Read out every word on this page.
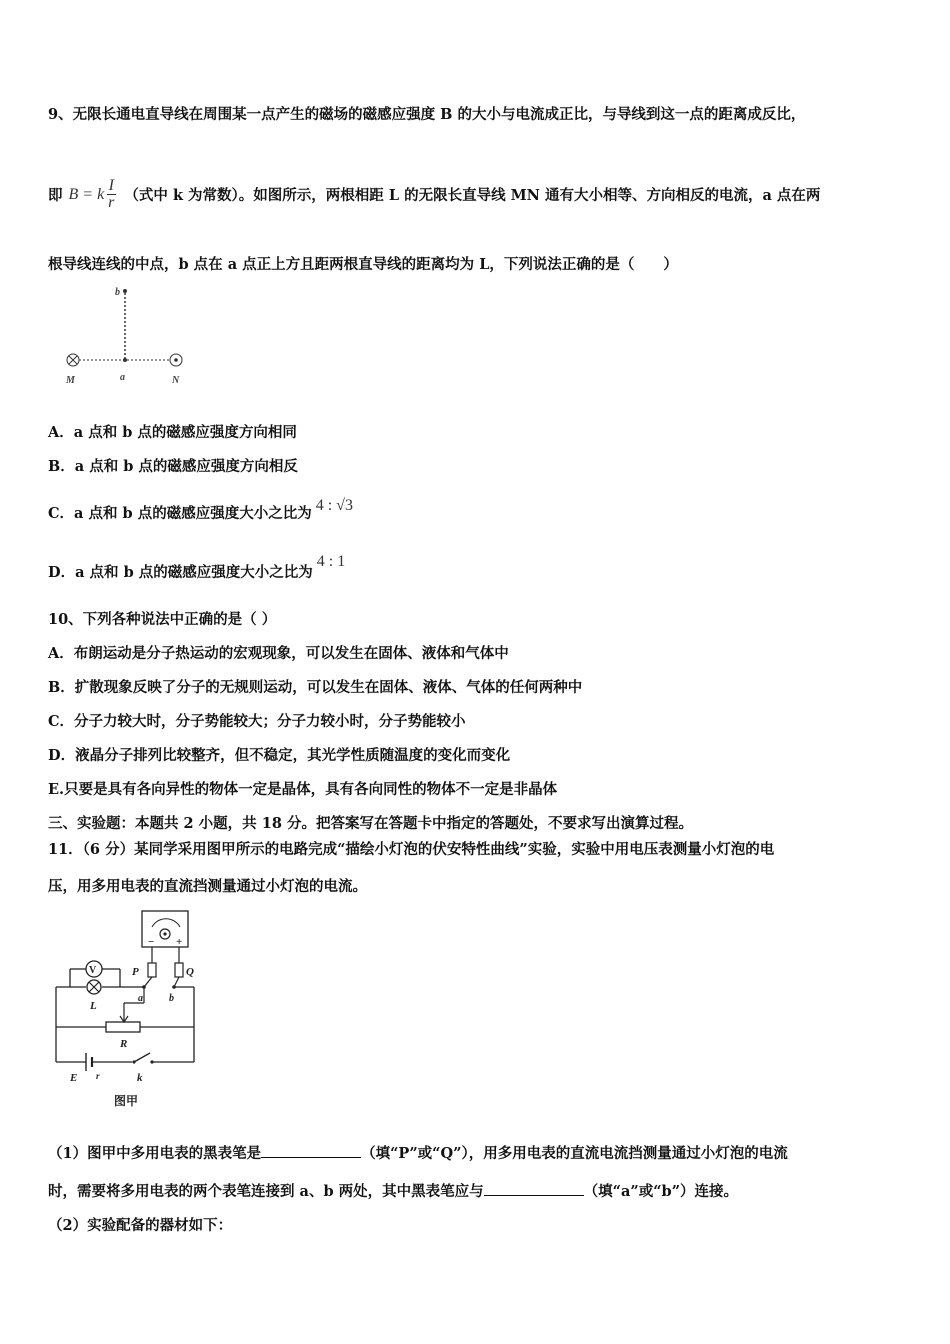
9、无限长通电直导线在周围某一点产生的磁场的磁感应强度 B 的大小与电流成正比，与导线到这一点的距离成反比，
即 B = k $\frac{I}{r}$ （式中 k 为常数）。如图所示，两根相距 L 的无限长直导线 MN 通有大小相等、方向相反的电流，a 点在两
根导线连线的中点，b 点在 a 点正上方且距两根直导线的距离均为 L，下列说法正确的是（　　）
b
M	a	N
A．a 点和 b 点的磁感应强度方向相同
B．a 点和 b 点的磁感应强度方向相反
C．a 点和 b 点的磁感应强度大小之比为 4 : √3
D．a 点和 b 点的磁感应强度大小之比为
4 : 1
10、下列各种说法中正确的是（ ）
A．布朗运动是分子热运动的宏观现象，可以发生在固体、液体和气体中
B．扩散现象反映了分子的无规则运动，可以发生在固体、液体、气体的任何两种中
C．分子力较大时，分子势能较大；分子力较小时，分子势能较小
D．液晶分子排列比较整齐，但不稳定，其光学性质随温度的变化而变化
E.只要是具有各向异性的物体一定是晶体，具有各向同性的物体不一定是非晶体
三、实验题：本题共 2 小题，共 18 分。把答案写在答题卡中指定的答题处，不要求写出演算过程。
11．（6 分）某同学采用图甲所示的电路完成“描绘小灯泡的伏安特性曲线”实验，实验中用电压表测量小灯泡的电
压，用多用电表的直流挡测量通过小灯泡的电流。
− +
P	Q
V
L
a	b
R
E r	k
图甲
（1）图甲中多用电表的黑表笔是	（填“P”或“Q”），用多用电表的直流电流挡测量通过小灯泡的电流
时，需要将多用电表的两个表笔连接到 a、b 两处，其中黑表笔应与	（填“a”或“b”）连接。
（2）实验配备的器材如下：
